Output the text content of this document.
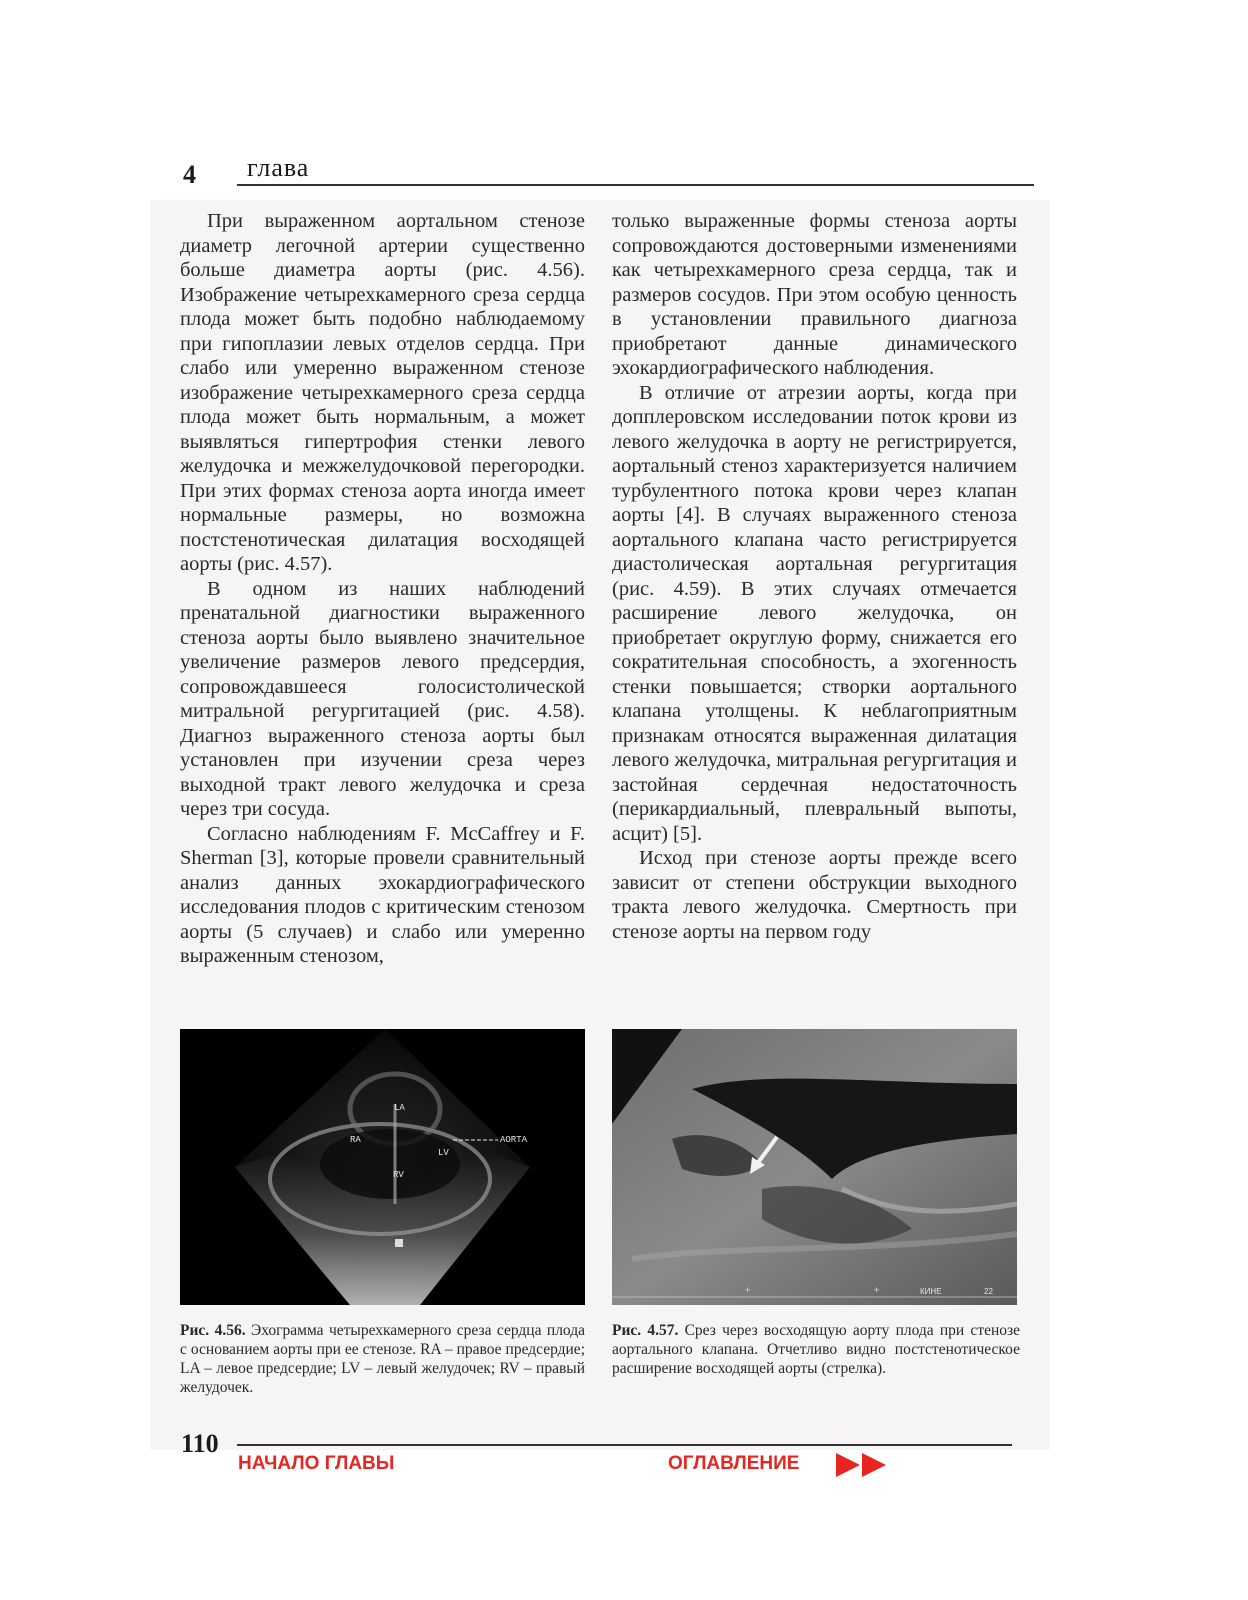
4 глава

При выраженном аортальном стенозе диаметр легочной артерии существенно больше диаметра аорты (рис. 4.56). Изображение четырехкамерного среза сердца плода может быть подобно наблюдаемому при гипоплазии левых отделов сердца. При слабо или умеренно выраженном стенозе изображение четырехкамерного среза сердца плода может быть нормальным, а может выявляться гипертрофия стенки левого желудочка и межжелудочковой перегородки. При этих формах стеноза аорта иногда имеет нормальные размеры, но возможна постстенотическая дилатация восходящей аорты (рис. 4.57).

В одном из наших наблюдений пренатальной диагностики выраженного стеноза аорты было выявлено значительное увеличение размеров левого предсердия, сопровождавшееся голосистолической митральной регургитацией (рис. 4.58). Диагноз выраженного стеноза аорты был установлен при изучении среза через выходной тракт левого желудочка и среза через три сосуда.

Согласно наблюдениям F. McCaffrey и F. Sherman [3], которые провели сравнительный анализ данных эхокардиографического исследования плодов с критическим стенозом аорты (5 случаев) и слабо или умеренно выраженным стенозом,

только выраженные формы стеноза аорты сопровождаются достоверными изменениями как четырехкамерного среза сердца, так и размеров сосудов. При этом особую ценность в установлении правильного диагноза приобретают данные динамического эхокардиографического наблюдения.

В отличие от атрезии аорты, когда при допплеровском исследовании поток крови из левого желудочка в аорту не регистрируется, аортальный стеноз характеризуется наличием турбулентного потока крови через клапан аорты [4]. В случаях выраженного стеноза аортального клапана часто регистрируется диастолическая аортальная регургитация (рис. 4.59). В этих случаях отмечается расширение левого желудочка, он приобретает округлую форму, снижается его сократительная способность, а эхогенность стенки повышается; створки аортального клапана утолщены. К неблагоприятным признакам относятся выраженная дилатация левого желудочка, митральная регургитация и застойная сердечная недостаточность (перикардиальный, плевральный выпоты, асцит) [5].

Исход при стенозе аорты прежде всего зависит от степени обструкции выходного тракта левого желудочка. Смертность при стенозе аорты на первом году

LA
RA
LV
RV
AORTA
+	+	КИНЕ	22
Рис. 4.56. Эхограмма четырехкамерного среза сердца плода с основанием аорты при ее стенозе. RA – правое предсердие; LA – левое предсердие; LV – левый желудочек; RV – правый желудочек.
Рис. 4.57. Срез через восходящую аорту плода при стенозе аортального клапана. Отчетливо видно постстенотическое расширение восходящей аорты (стрелка).
110
НАЧАЛО ГЛАВЫ	ОГЛАВЛЕНИЕ
